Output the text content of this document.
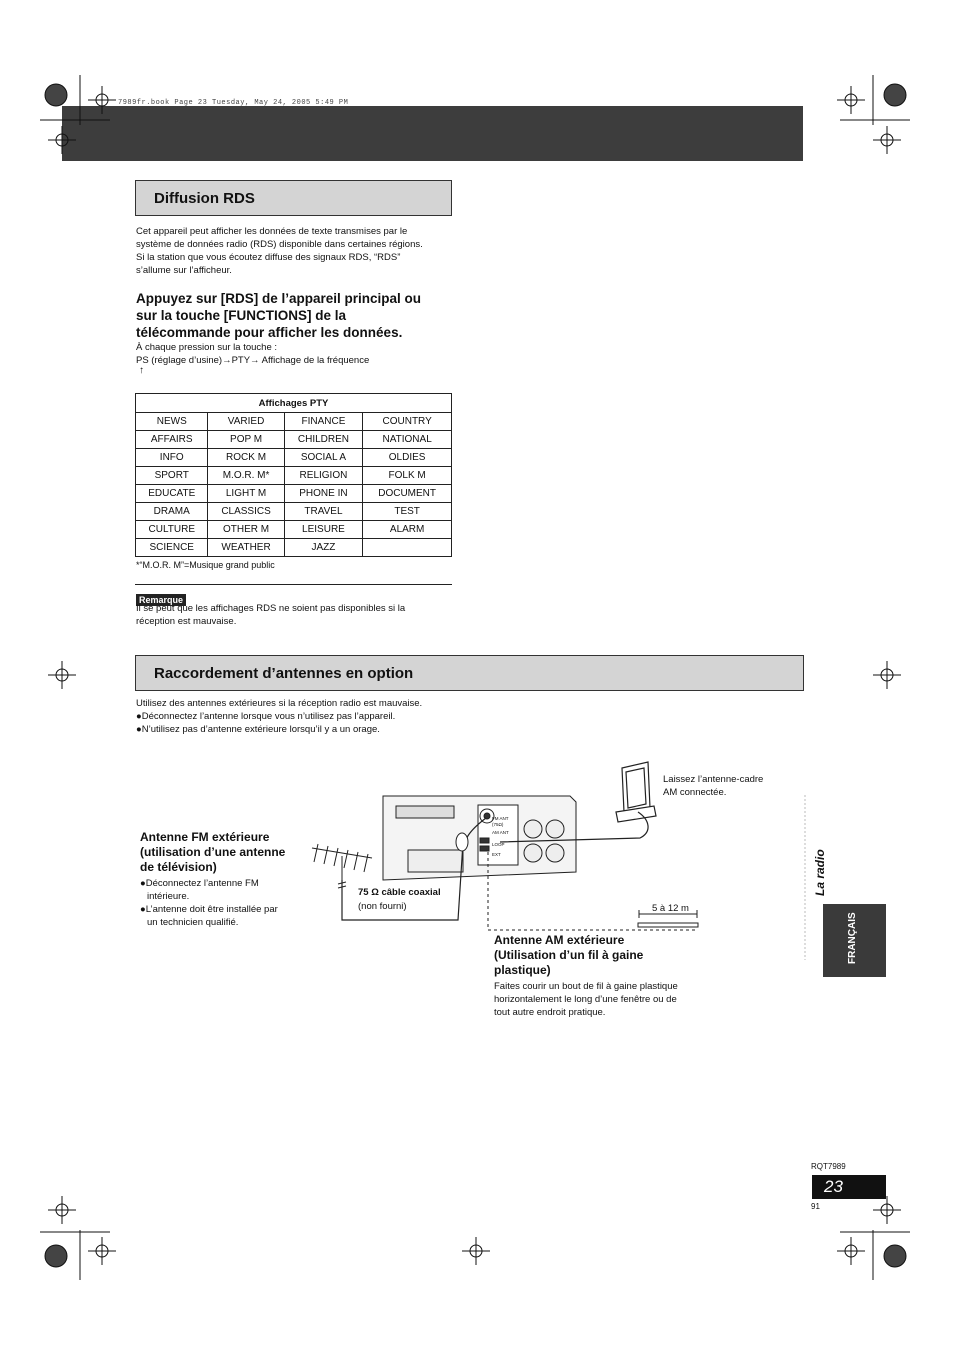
7989fr.book Page 23 Tuesday, May 24, 2005 5:49 PM
Diffusion RDS
Cet appareil peut afficher les données de texte transmises par le
système de données radio (RDS) disponible dans certaines régions.
Si la station que vous écoutez diffuse des signaux RDS, “RDS”
s’allume sur l’afficheur.
Appuyez sur [RDS] de l’appareil principal ou
sur la touche [FUNCTIONS] de la
télécommande pour afficher les données.
À chaque pression sur la touche :
PS (réglage d’usine)→PTY→ Affichage de la fréquence
↑
Affichages PTY			
NEWS	VARIED	FINANCE	COUNTRY
AFFAIRS	POP M	CHILDREN	NATIONAL
INFO	ROCK M	SOCIAL A	OLDIES
SPORT	M.O.R. M*	RELIGION	FOLK M
EDUCATE	LIGHT M	PHONE IN	DOCUMENT
DRAMA	CLASSICS	TRAVEL	TEST
CULTURE	OTHER M	LEISURE	ALARM
SCIENCE	WEATHER	JAZZ	
*“M.O.R. M”=Musique grand public
Remarque
Il se peut que les affichages RDS ne soient pas disponibles si la
réception est mauvaise.
Raccordement d’antennes en option
Utilisez des antennes extérieures si la réception radio est mauvaise.
●Déconnectez l’antenne lorsque vous n’utilisez pas l’appareil.
●N’utilisez pas d’antenne extérieure lorsqu’il y a un orage.
FM ANT
(75Ω)
AM ANT
LOOP
EXT
Antenne FM extérieure
(utilisation d’une antenne
de télévision)
●Déconnectez l’antenne FM
intérieure.
●L’antenne doit être installée par
un technicien qualifié.
75 Ω câble coaxial
(non fourni)
Laissez l’antenne-cadre
AM connectée.
5 à 12 m
Antenne AM extérieure
(Utilisation d’un fil à gaine
plastique)
Faites courir un bout de fil à gaine plastique
horizontalement le long d’une fenêtre ou de
tout autre endroit pratique.
La radio
FRANÇAIS
RQT7989
23
91
